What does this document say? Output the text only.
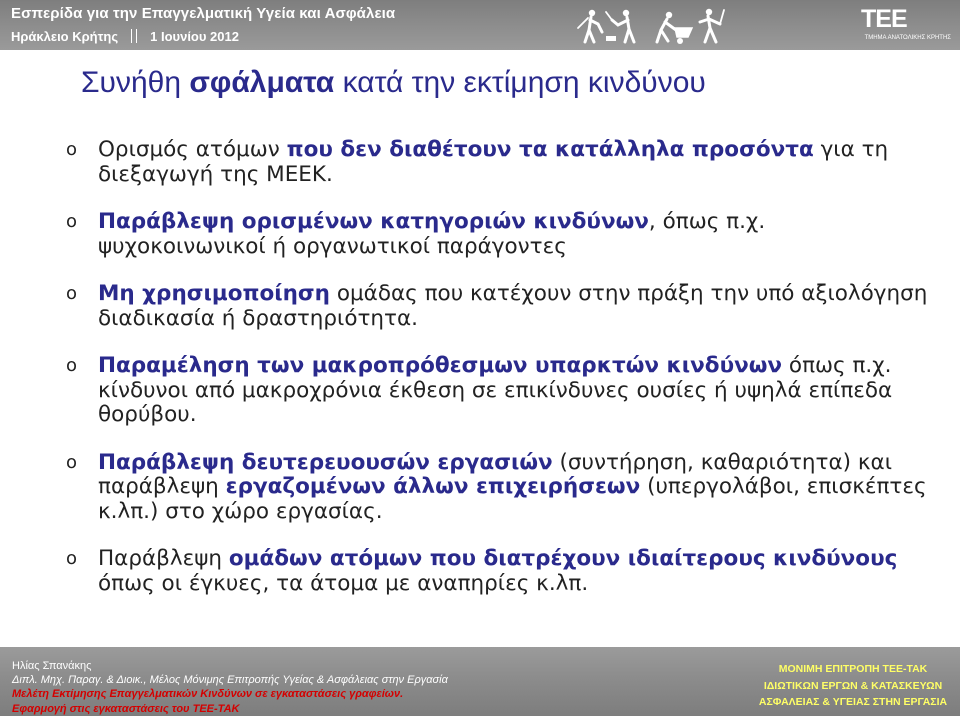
Εσπερίδα για την Επαγγελματική Υγεία και Ασφάλεια
Ηράκλειο Κρήτης 1 Ιουνίου 2012
ΤΕΕ
ΤΜΗΜΑ ΑΝΑΤΟΛΙΚΗΣ ΚΡΗΤΗΣ
Συνήθη σφάλματα κατά την εκτίμηση κινδύνου
o Ορισμός ατόμων που δεν διαθέτουν τα κατάλληλα προσόντα για τη διεξαγωγή της ΜΕΕΚ.
o Παράβλεψη ορισμένων κατηγοριών κινδύνων, όπως π.χ. ψυχοκοινωνικοί ή οργανωτικοί παράγοντες
o Μη χρησιμοποίηση ομάδας που κατέχουν στην πράξη την υπό αξιολόγηση διαδικασία ή δραστηριότητα.
o Παραμέληση των μακροπρόθεσμων υπαρκτών κινδύνων όπως π.χ. κίνδυνοι από μακροχρόνια έκθεση σε επικίνδυνες ουσίες ή υψηλά επίπεδα θορύβου.
o Παράβλεψη δευτερευουσών εργασιών (συντήρηση, καθαριότητα) και παράβλεψη εργαζομένων άλλων επιχειρήσεων (υπεργολάβοι, επισκέπτες κ.λπ.) στο χώρο εργασίας.
o Παράβλεψη ομάδων ατόμων που διατρέχουν ιδιαίτερους κινδύνους όπως οι έγκυες, τα άτομα με αναπηρίες κ.λπ.
Ηλίας Σπανάκης
Διπλ. Μηχ. Παραγ. & Διοικ., Μέλος Μόνιμης Επιτροπής Υγείας & Ασφάλειας στην Εργασία
Μελέτη Εκτίμησης Επαγγελματικών Κινδύνων σε εγκαταστάσεις γραφείων.
Εφαρμογή στις εγκαταστάσεις του ΤΕΕ-ΤΑΚ
ΜΟΝΙΜΗ ΕΠΙΤΡΟΠΗ ΤΕΕ-ΤΑΚ
ΙΔΙΩΤΙΚΩΝ ΕΡΓΩΝ & ΚΑΤΑΣΚΕΥΩΝ
ΑΣΦΑΛΕΙΑΣ & ΥΓΕΙΑΣ ΣΤΗΝ ΕΡΓΑΣΙΑ
